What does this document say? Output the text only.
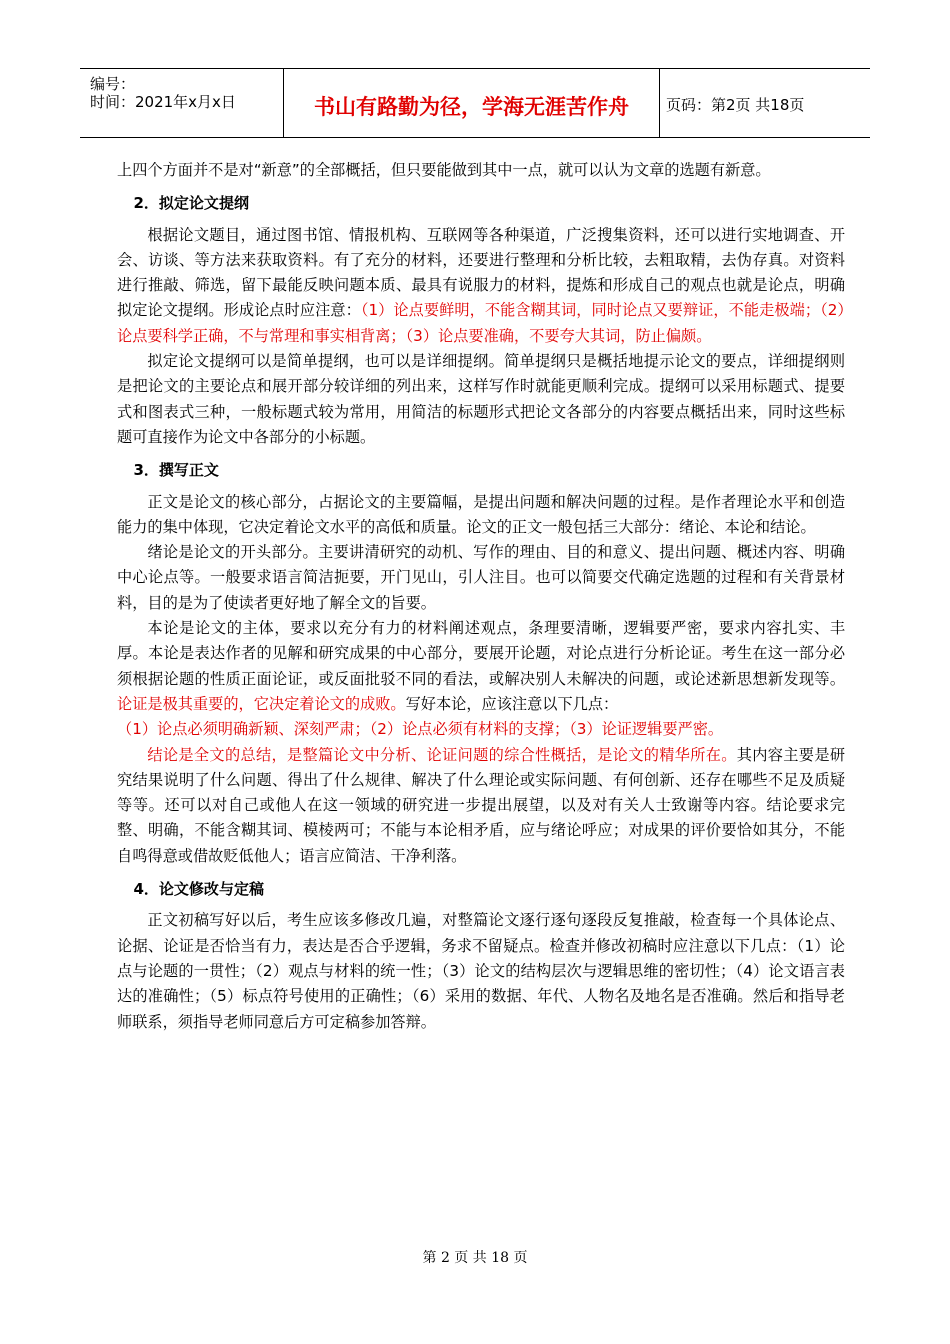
编号：
时间：2021年x月x日	书山有路勤为径，学海无涯苦作舟	页码：第2页 共18页

上四个方面并不是对“新意”的全部概括，但只要能做到其中一点，就可以认为文章的选题有新意。

2．拟定论文提纲

根据论文题目，通过图书馆、情报机构、互联网等各种渠道，广泛搜集资料，还可以进行实地调查、开会、访谈、等方法来获取资料。有了充分的材料，还要进行整理和分析比较，去粗取精，去伪存真。对资料进行推敲、筛选，留下最能反映问题本质、最具有说服力的材料，提炼和形成自己的观点也就是论点，明确拟定论文提纲。形成论点时应注意：（1）论点要鲜明，不能含糊其词，同时论点又要辩证，不能走极端；（2）论点要科学正确，不与常理和事实相背离；（3）论点要准确，不要夸大其词，防止偏颇。

拟定论文提纲可以是简单提纲，也可以是详细提纲。简单提纲只是概括地提示论文的要点，详细提纲则是把论文的主要论点和展开部分较详细的列出来，这样写作时就能更顺利完成。提纲可以采用标题式、提要式和图表式三种，一般标题式较为常用，用简洁的标题形式把论文各部分的内容要点概括出来，同时这些标题可直接作为论文中各部分的小标题。

3．撰写正文

正文是论文的核心部分，占据论文的主要篇幅，是提出问题和解决问题的过程。是作者理论水平和创造能力的集中体现，它决定着论文水平的高低和质量。论文的正文一般包括三大部分：绪论、本论和结论。

绪论是论文的开头部分。主要讲清研究的动机、写作的理由、目的和意义、提出问题、概述内容、明确中心论点等。一般要求语言简洁扼要，开门见山，引人注目。也可以简要交代确定选题的过程和有关背景材料，目的是为了使读者更好地了解全文的旨要。

本论是论文的主体，要求以充分有力的材料阐述观点，条理要清晰，逻辑要严密，要求内容扎实、丰厚。本论是表达作者的见解和研究成果的中心部分，要展开论题，对论点进行分析论证。考生在这一部分必须根据论题的性质正面论证，或反面批驳不同的看法，或解决别人未解决的问题，或论述新思想新发现等。论证是极其重要的，它决定着论文的成败。写好本论，应该注意以下几点：
（1）论点必须明确新颖、深刻严肃；（2）论点必须有材料的支撑；（3）论证逻辑要严密。

结论是全文的总结，是整篇论文中分析、论证问题的综合性概括，是论文的精华所在。其内容主要是研究结果说明了什么问题、得出了什么规律、解决了什么理论或实际问题、有何创新、还存在哪些不足及质疑等等。还可以对自己或他人在这一领域的研究进一步提出展望，以及对有关人士致谢等内容。结论要求完整、明确，不能含糊其词、模棱两可；不能与本论相矛盾，应与绪论呼应；对成果的评价要恰如其分，不能自鸣得意或借故贬低他人；语言应简洁、干净利落。

4．论文修改与定稿

正文初稿写好以后，考生应该多修改几遍，对整篇论文逐行逐句逐段反复推敲，检查每一个具体论点、论据、论证是否恰当有力，表达是否合乎逻辑，务求不留疑点。检查并修改初稿时应注意以下几点：（1）论点与论题的一贯性；（2）观点与材料的统一性；（3）论文的结构层次与逻辑思维的密切性；（4）论文语言表达的准确性；（5）标点符号使用的正确性；（6）采用的数据、年代、人物名及地名是否准确。然后和指导老师联系，须指导老师同意后方可定稿参加答辩。

第 2 页 共 18 页
